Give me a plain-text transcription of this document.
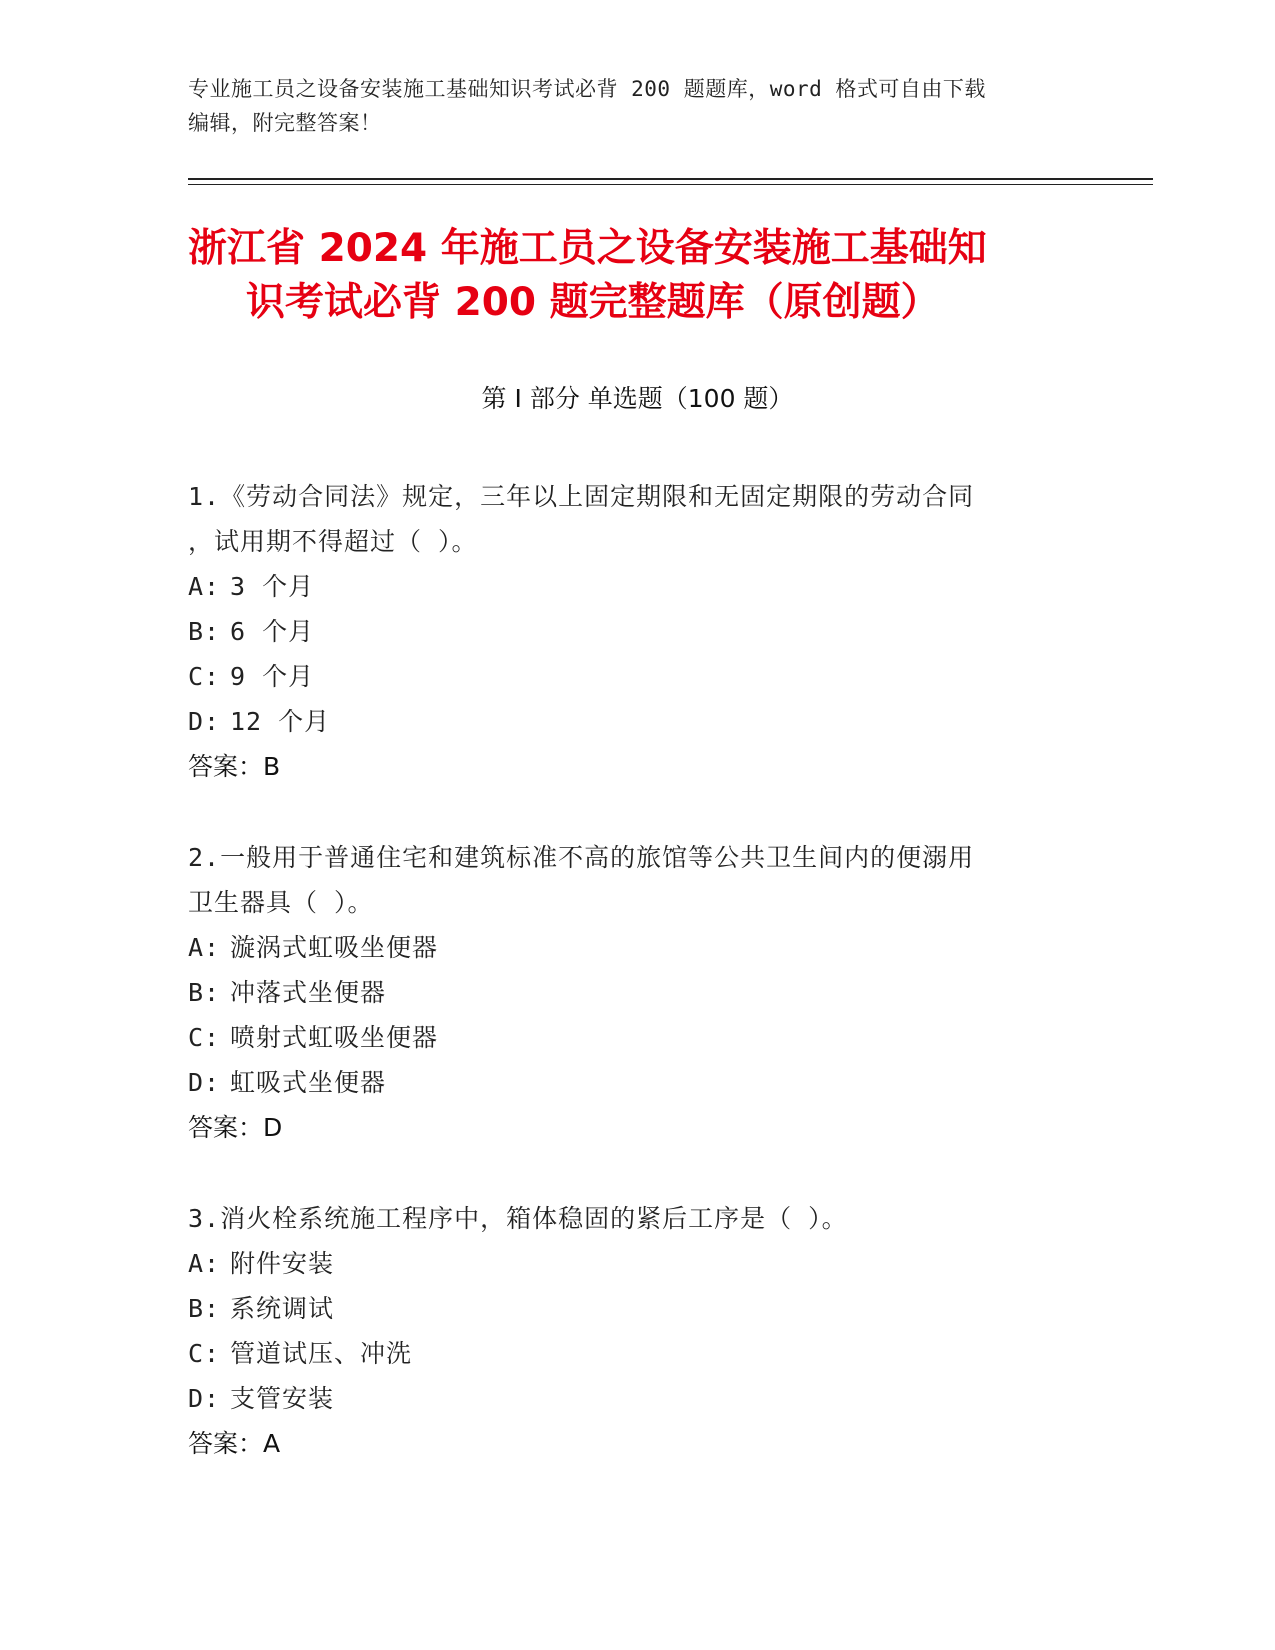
专业施工员之设备安装施工基础知识考试必背 200 题题库，word 格式可自由下载
编辑，附完整答案！
浙江省 2024 年施工员之设备安装施工基础知
识考试必背 200 题完整题库（原创题）
第 I 部分 单选题（100 题）
1.《劳动合同法》规定，三年以上固定期限和无固定期限的劳动合同
，试用期不得超过（ ）。
A: 3 个月
B: 6 个月
C: 9 个月
D: 12 个月
答案：B
2.一般用于普通住宅和建筑标准不高的旅馆等公共卫生间内的便溺用
卫生器具（ ）。
A: 漩涡式虹吸坐便器
B: 冲落式坐便器
C: 喷射式虹吸坐便器
D: 虹吸式坐便器
答案：D
3.消火栓系统施工程序中，箱体稳固的紧后工序是（ ）。
A: 附件安装
B: 系统调试
C: 管道试压、冲洗
D: 支管安装
答案：A
